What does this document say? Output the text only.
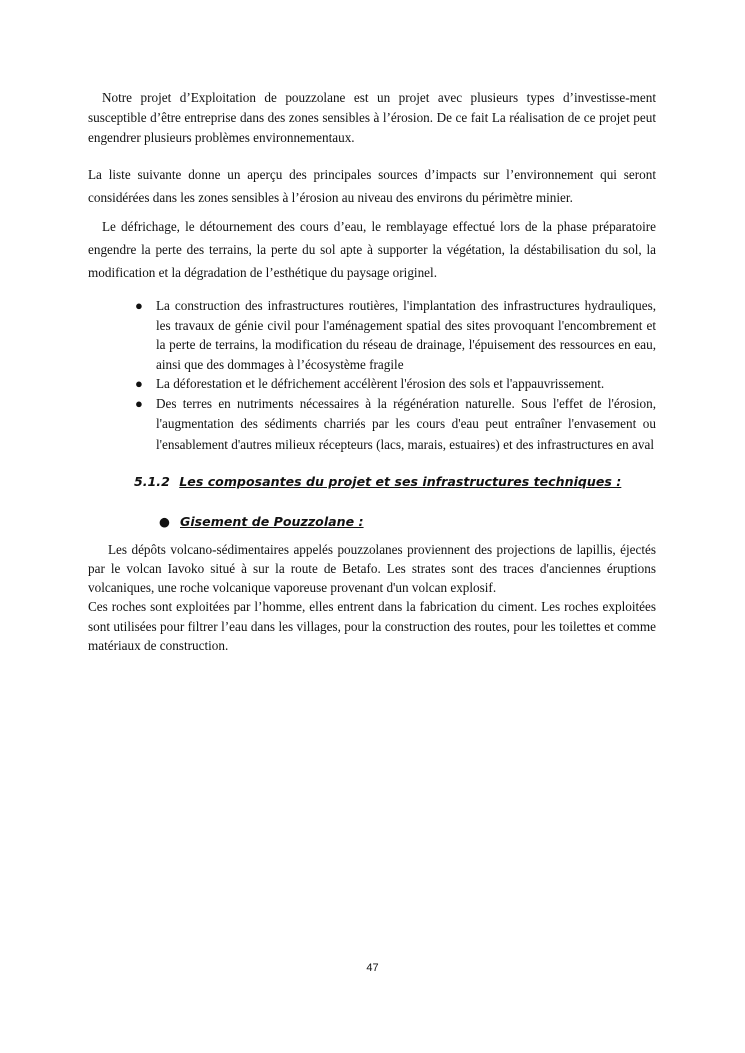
Notre projet d’Exploitation de pouzzolane est un projet avec plusieurs types d’investisse-ment susceptible d’être entreprise dans des zones sensibles à l’érosion. De ce fait La réalisation de ce projet peut engendrer plusieurs problèmes environnementaux.

La liste suivante donne un aperçu des principales sources d’impacts sur l’environnement qui seront considérées dans les zones sensibles à l’érosion au niveau des environs du périmètre minier.

Le défrichage, le détournement des cours d’eau, le remblayage effectué lors de la phase préparatoire engendre la perte des terrains, la perte du sol apte à supporter la végétation, la déstabilisation du sol, la modification et la dégradation de l’esthétique du paysage originel.

● La construction des infrastructures routières, l'implantation des infrastructures hydrauliques, les travaux de génie civil pour l'aménagement spatial des sites provoquant l'encombrement et la perte de terrains, la modification du réseau de drainage, l'épuisement des ressources en eau, ainsi que des dommages à l’écosystème fragile
● La déforestation et le défrichement accélèrent l'érosion des sols et l'appauvrissement.
● Des terres en nutriments nécessaires à la régénération naturelle. Sous l'effet de l'érosion, l'augmentation des sédiments charriés par les cours d'eau peut entraîner l'envasement ou l'ensablement d'autres milieux récepteurs (lacs, marais, estuaires) et des infrastructures en aval
5.1.2 Les composantes du projet et ses infrastructures techniques :
● Gisement de Pouzzolane :

Les dépôts volcano-sédimentaires appelés pouzzolanes proviennent des projections de lapillis, éjectés par le volcan Iavoko situé à sur la route de Betafo. Les strates sont des traces d'anciennes éruptions volcaniques, une roche volcanique vaporeuse provenant d'un volcan explosif.

Ces roches sont exploitées par l’homme, elles entrent dans la fabrication du ciment. Les roches exploitées sont utilisées pour filtrer l’eau dans les villages, pour la construction des routes, pour les toilettes et comme matériaux de construction.

47
